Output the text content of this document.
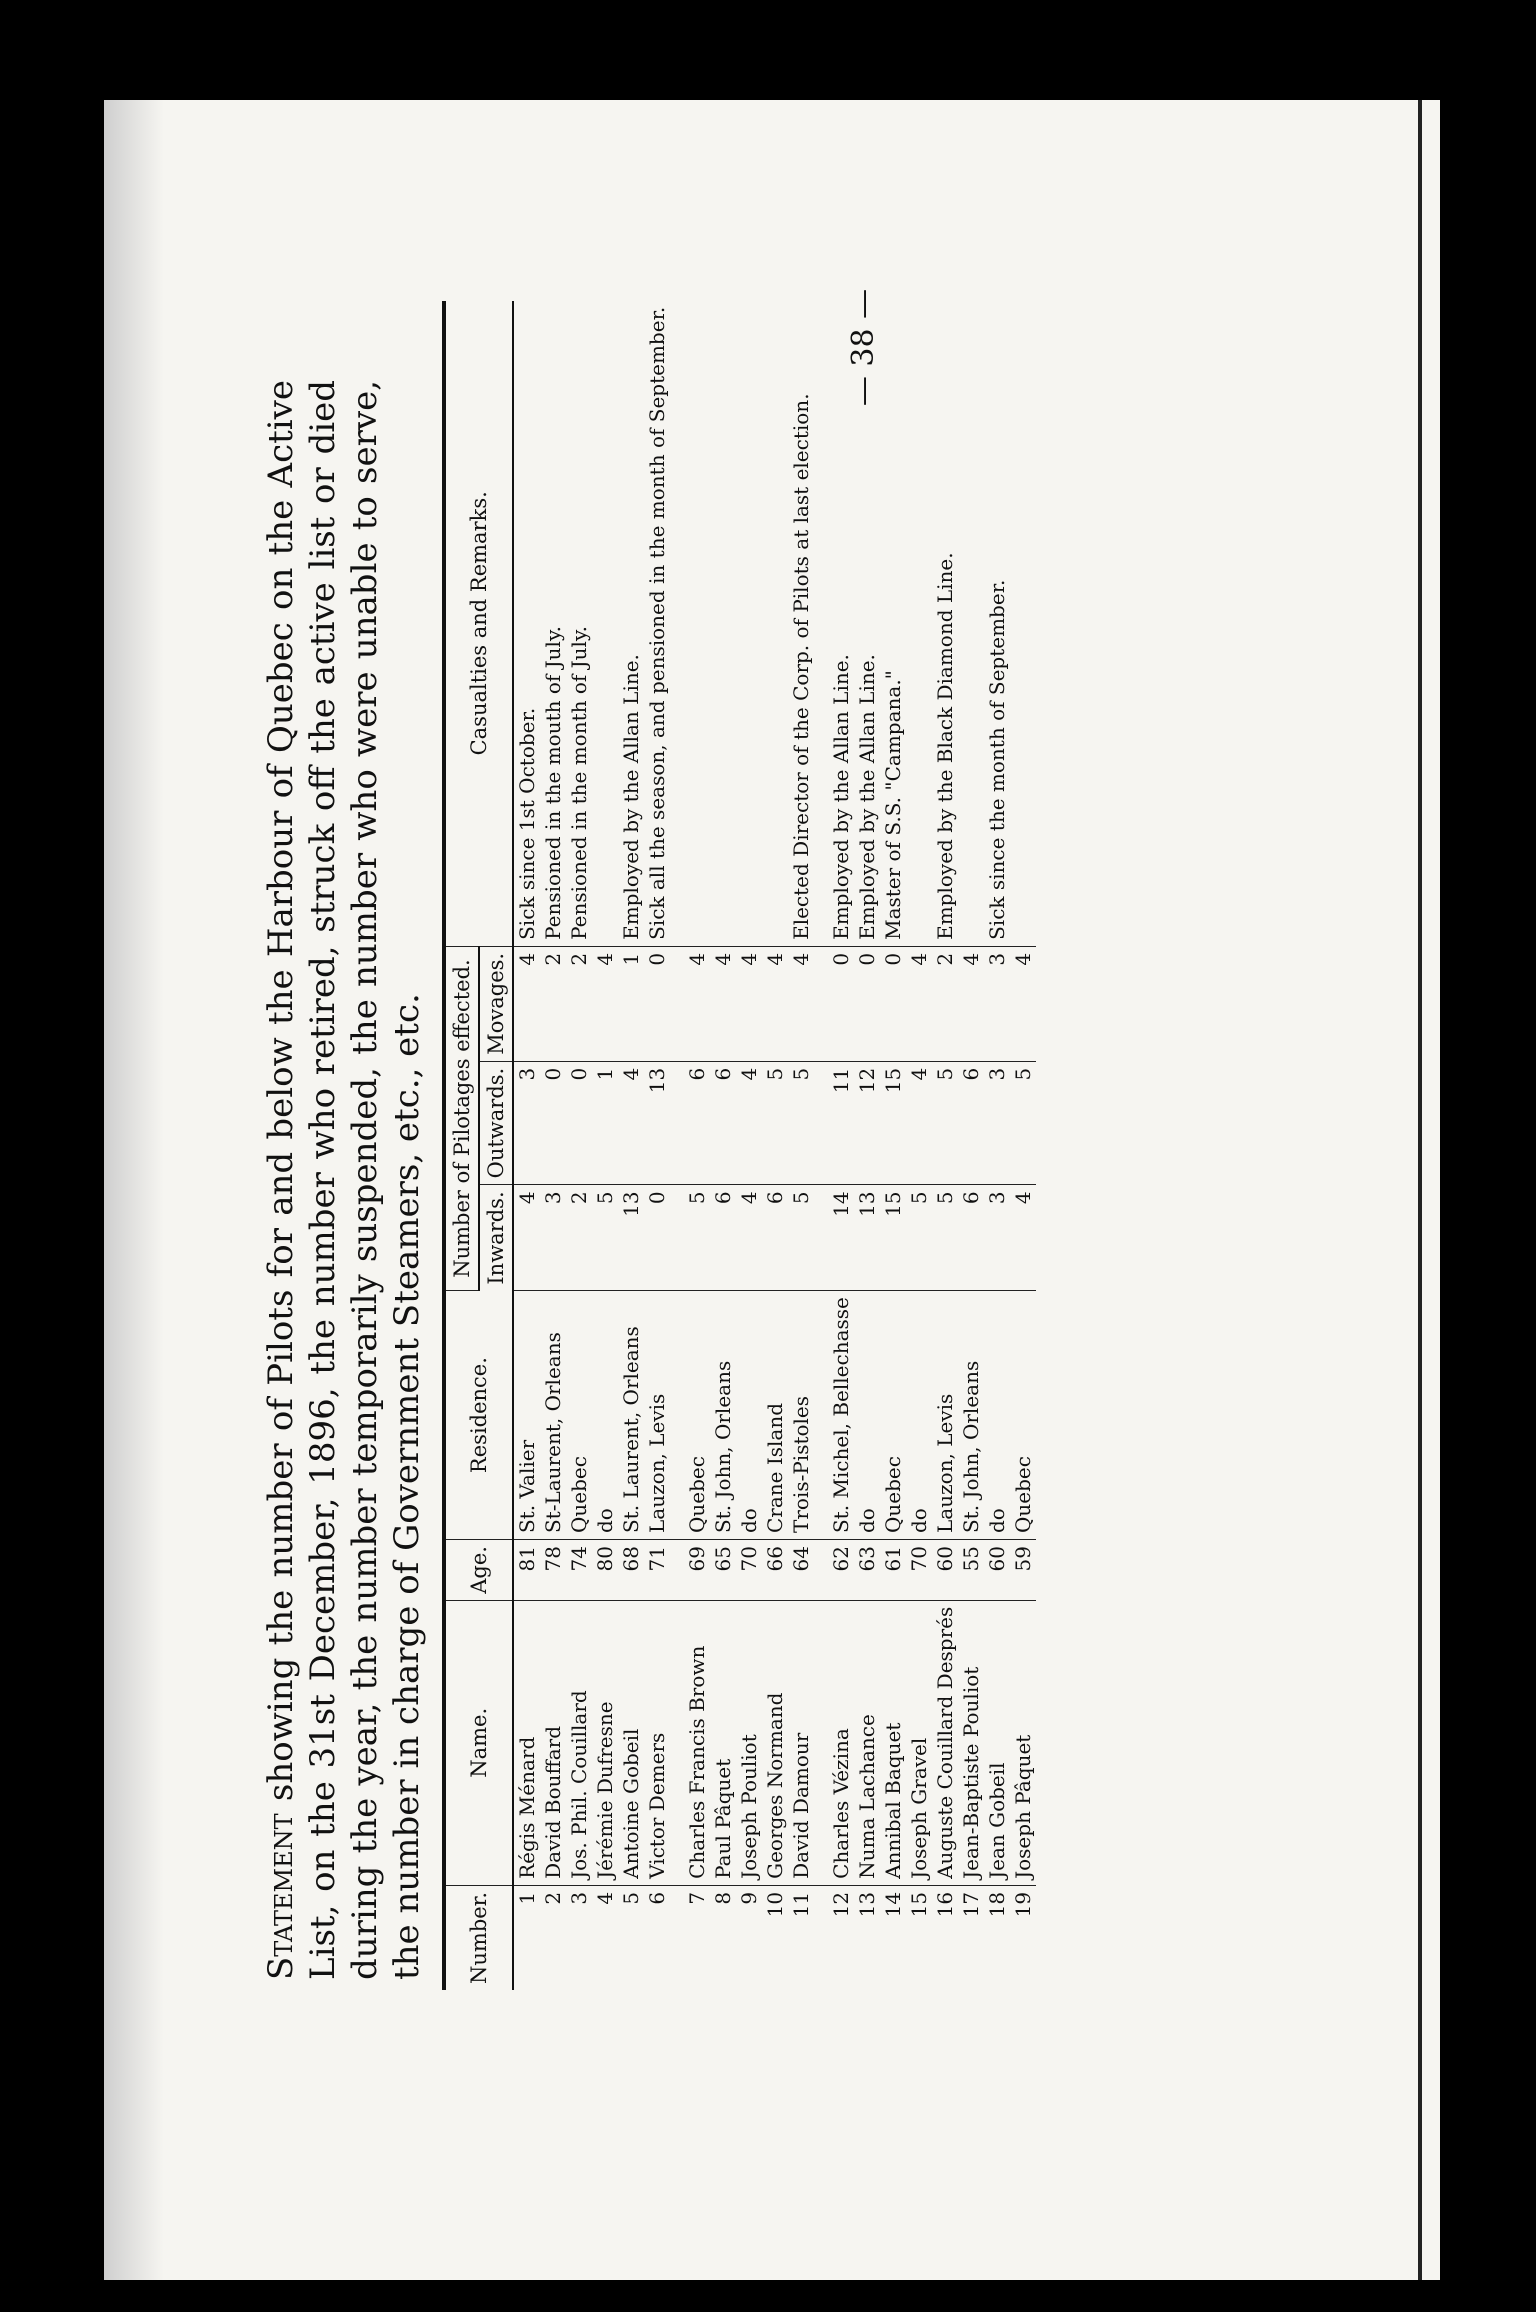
— 38 —
Statement showing the number of Pilots for and below the Harbour of Quebec on the Active List, on the 31st December, 1896, the number who retired, struck off the active list or died during the year, the number temporarily suspended, the number who were unable to serve, the number in charge of Government Steamers, etc., etc. Number.	Name.	Age.	Residence.	Number of Pilotages effected.			Casualties and Remarks.
				Inwards.	Outwards.	Movages.	
1	Régis Ménard	81	St. Valier	4	3	4	Sick since 1st October.
2	David Bouffard	78	St-Laurent, Orleans	3	0	2	Pensioned in the mouth of July.
3	Jos. Phil. Couillard	74	Quebec	2	0	2	Pensioned in the month of July.
4	Jérémie Dufresne	80	do	5	1	4	
5	Antoine Gobeil	68	St. Laurent, Orleans	13	4	1	Employed by the Allan Line.
6	Victor Demers	71	Lauzon, Levis	0	13	0	Sick all the season, and pensioned in the month of September.

7	Charles Francis Brown	69	Quebec	5	6	4	
8	Paul Pâquet	65	St. John, Orleans	6	6	4	
9	Joseph Pouliot	70	do	4	4	4	
10	Georges Normand	66	Crane Island	6	5	4	
11	David Damour	64	Trois-Pistoles	5	5	4	Elected Director of the Corp. of Pilots at last election.

12	Charles Vézina	62	St. Michel, Bellechasse	14	11	0	Employed by the Allan Line.
13	Numa Lachance	63	do	13	12	0	Employed by the Allan Line.
14	Annibal Baquet	61	Quebec	15	15	0	Master of S.S. "Campana."
15	Joseph Gravel	70	do	5	4	4	
16	Auguste Couillard Després	60	Lauzon, Levis	5	5	2	Employed by the Black Diamond Line.
17	Jean-Baptiste Pouliot	55	St. John, Orleans	6	6	4	
18	Jean Gobeil	60	do	3	3	3	Sick since the month of September.
19	Joseph Pâquet	59	Quebec	4	5	4	
